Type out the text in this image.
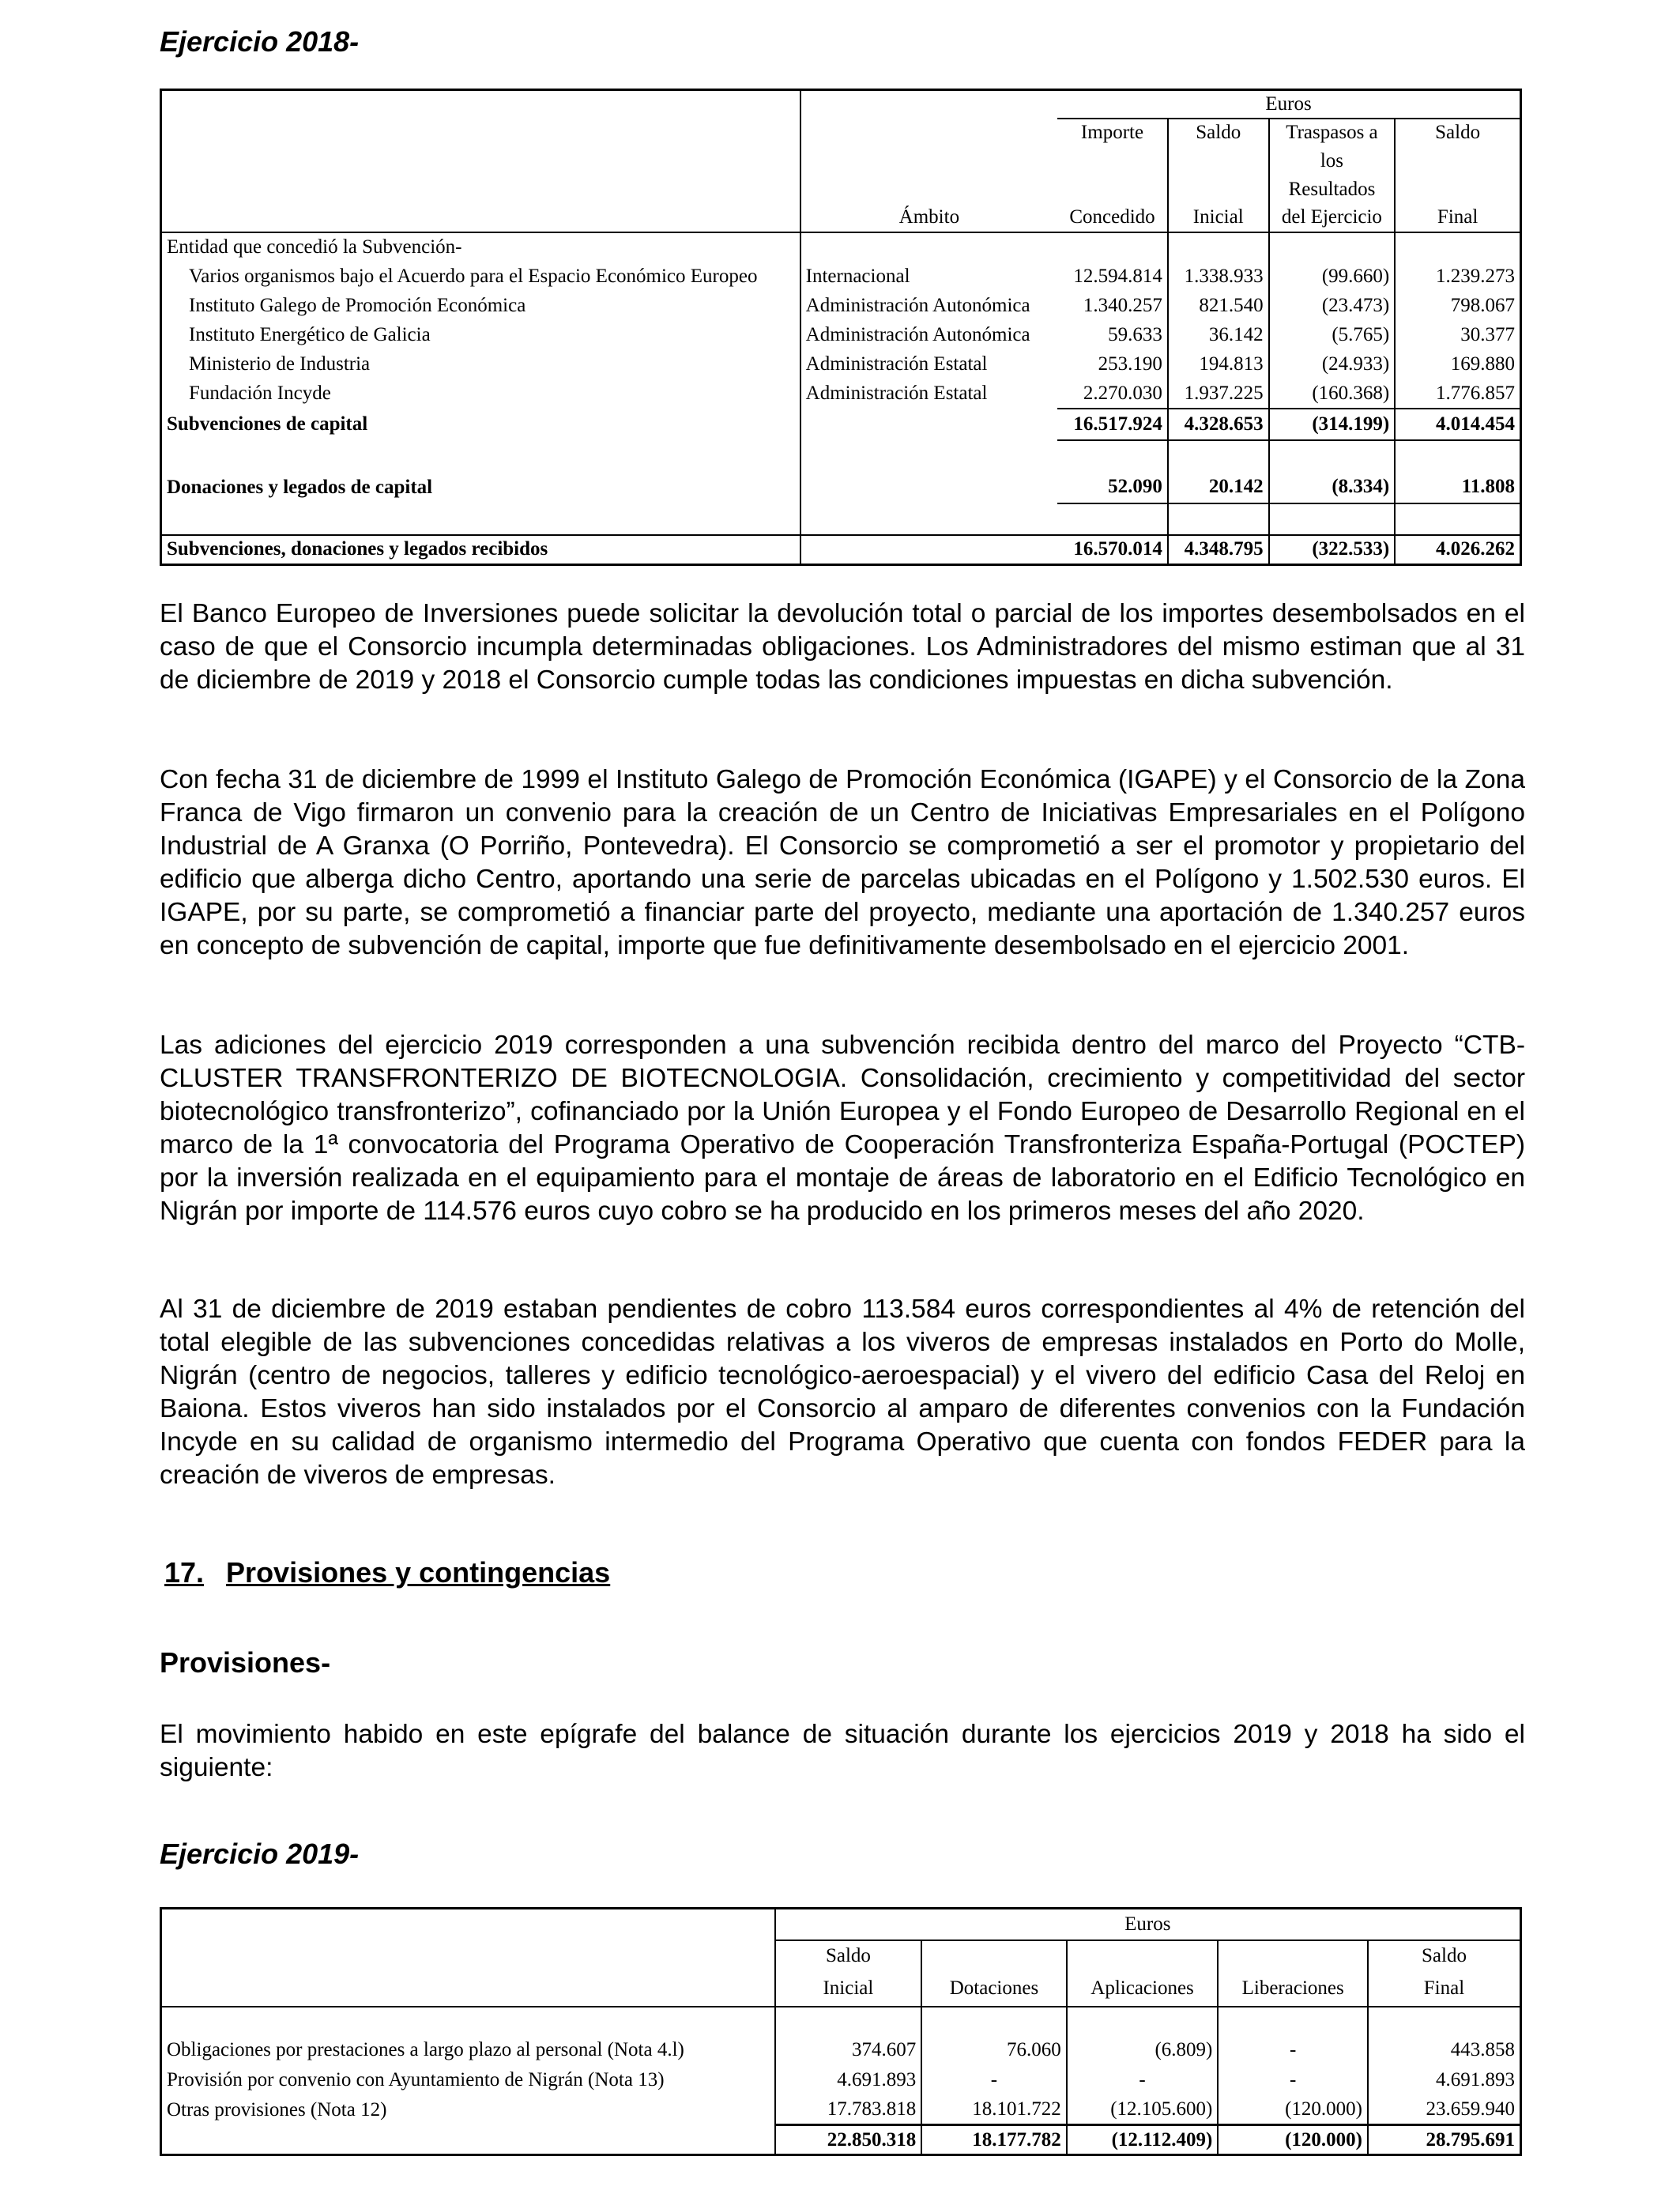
Ejercicio 2018-
		Euros			
		Importe	Saldo	Traspasos a	Saldo
				los	
				Resultados	
	Ámbito	Concedido	Inicial	del Ejercicio	Final
Entidad que concedió la Subvención-					
Varios organismos bajo el Acuerdo para el Espacio Económico Europeo	Internacional	12.594.814	1.338.933	(99.660)	1.239.273
Instituto Galego de Promoción Económica	Administración Autonómica	1.340.257	821.540	(23.473)	798.067
Instituto Energético de Galicia	Administración Autonómica	59.633	36.142	(5.765)	30.377
Ministerio de Industria	Administración Estatal	253.190	194.813	(24.933)	169.880
Fundación Incyde	Administración Estatal	2.270.030	1.937.225	(160.368)	1.776.857
Subvenciones de capital		16.517.924	4.328.653	(314.199)	4.014.454

Donaciones y legados de capital		52.090	20.142	(8.334)	11.808

Subvenciones, donaciones y legados recibidos		16.570.014	4.348.795	(322.533)	4.026.262

El Banco Europeo de Inversiones puede solicitar la devolución total o parcial de los importes desembolsados en el caso de que el Consorcio incumpla determinadas obligaciones. Los Administradores del mismo estiman que al 31 de diciembre de 2019 y 2018 el Consorcio cumple todas las condiciones impuestas en dicha subvención.

Con fecha 31 de diciembre de 1999 el Instituto Galego de Promoción Económica (IGAPE) y el Consorcio de la Zona Franca de Vigo firmaron un convenio para la creación de un Centro de Iniciativas Empresariales en el Polígono Industrial de A Granxa (O Porriño, Pontevedra). El Consorcio se comprometió a ser el promotor y propietario del edificio que alberga dicho Centro, aportando una serie de parcelas ubicadas en el Polígono y 1.502.530 euros. El IGAPE, por su parte, se comprometió a financiar parte del proyecto, mediante una aportación de 1.340.257 euros en concepto de subvención de capital, importe que fue definitivamente desembolsado en el ejercicio 2001.

Las adiciones del ejercicio 2019 corresponden a una subvención recibida dentro del marco del Proyecto “CTB-CLUSTER TRANSFRONTERIZO DE BIOTECNOLOGIA. Consolidación, crecimiento y competitividad del sector biotecnológico transfronterizo”, cofinanciado por la Unión Europea y el Fondo Europeo de Desarrollo Regional en el marco de la 1ª convocatoria del Programa Operativo de Cooperación Transfronteriza España-Portugal (POCTEP) por la inversión realizada en el equipamiento para el montaje de áreas de laboratorio en el Edificio Tecnológico en Nigrán por importe de 114.576 euros cuyo cobro se ha producido en los primeros meses del año 2020.

Al 31 de diciembre de 2019 estaban pendientes de cobro 113.584 euros correspondientes al 4% de retención del total elegible de las subvenciones concedidas relativas a los viveros de empresas instalados en Porto do Molle, Nigrán (centro de negocios, talleres y edificio tecnológico-aeroespacial) y el vivero del edificio Casa del Reloj en Baiona. Estos viveros han sido instalados por el Consorcio al amparo de diferentes convenios con la Fundación Incyde en su calidad de organismo intermedio del Programa Operativo que cuenta con fondos FEDER para la creación de viveros de empresas.

17. Provisiones y contingencias
Provisiones-

El movimiento habido en este epígrafe del balance de situación durante los ejercicios 2019 y 2018 ha sido el siguiente:

Ejercicio 2019-
	Euros				
	Saldo				Saldo
	Inicial	Dotaciones	Aplicaciones	Liberaciones	Final

Obligaciones por prestaciones a largo plazo al personal (Nota 4.l)	374.607	76.060	(6.809)	-	443.858
Provisión por convenio con Ayuntamiento de Nigrán (Nota 13)	4.691.893	-	-	-	4.691.893
Otras provisiones (Nota 12)	17.783.818	18.101.722	(12.105.600)	(120.000)	23.659.940
	22.850.318	18.177.782	(12.112.409)	(120.000)	28.795.691
